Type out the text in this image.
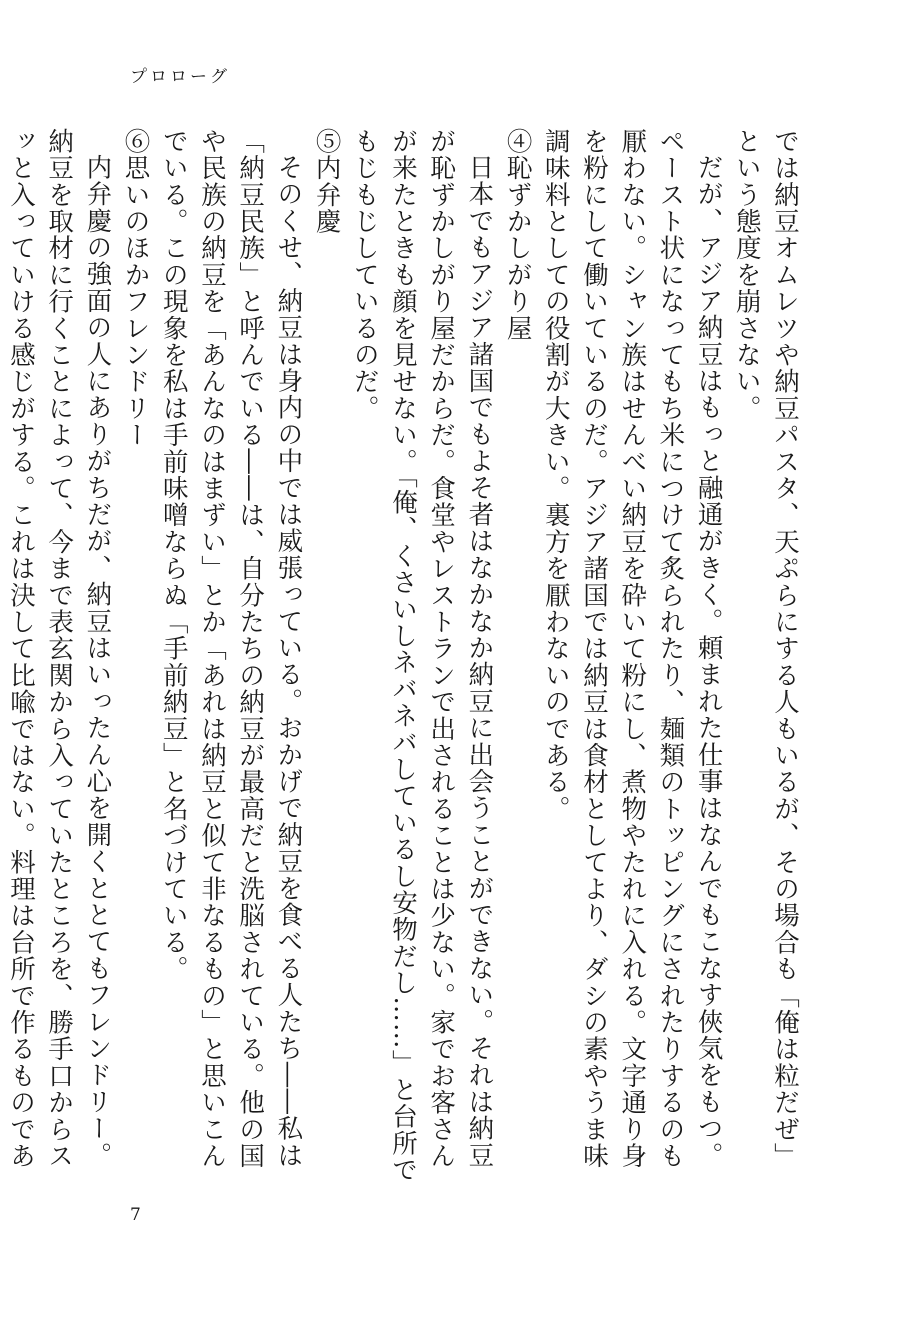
プロローグ

では納豆オムレツや納豆パスタ、天ぷらにする人もいるが、その場合も「俺は粒だぜ」という態度を崩さない。

だが、アジア納豆はもっと融通がきく。頼まれた仕事はなんでもこなす俠気をもつ。ペースト状になってもち米につけて炙られたり、麺類のトッピングにされたりするのも厭わない。シャン族はせんべい納豆を砕いて粉にし、煮物やたれに入れる。文字通り身を粉にして働いているのだ。アジア諸国では納豆は食材としてより、ダシの素やうま味調味料としての役割が大きい。裏方を厭わないのである。

④恥ずかしがり屋

日本でもアジア諸国でもよそ者はなかなか納豆に出会うことができない。それは納豆が恥ずかしがり屋だからだ。食堂やレストランで出されることは少ない。家でお客さんが来たときも顔を見せない。「俺、くさいしネバネバしているし安物だし……」と台所でもじもじしているのだ。

⑤内弁慶

そのくせ、納豆は身内の中では威張っている。おかげで納豆を食べる人たち――私は「納豆民族」と呼んでいる――は、自分たちの納豆が最高だと洗脳されている。他の国や民族の納豆を「あんなのはまずい」とか「あれは納豆と似て非なるもの」と思いこんでいる。この現象を私は手前味噌ならぬ「手前納豆」と名づけている。

⑥思いのほかフレンドリー

内弁慶の強面の人にありがちだが、納豆はいったん心を開くととてもフレンドリー。納豆を取材に行くことによって、今まで表玄関から入っていたところを、勝手口からスッと入っていける感じがする。これは決して比喩ではない。料理は台所で作るものであ

7
